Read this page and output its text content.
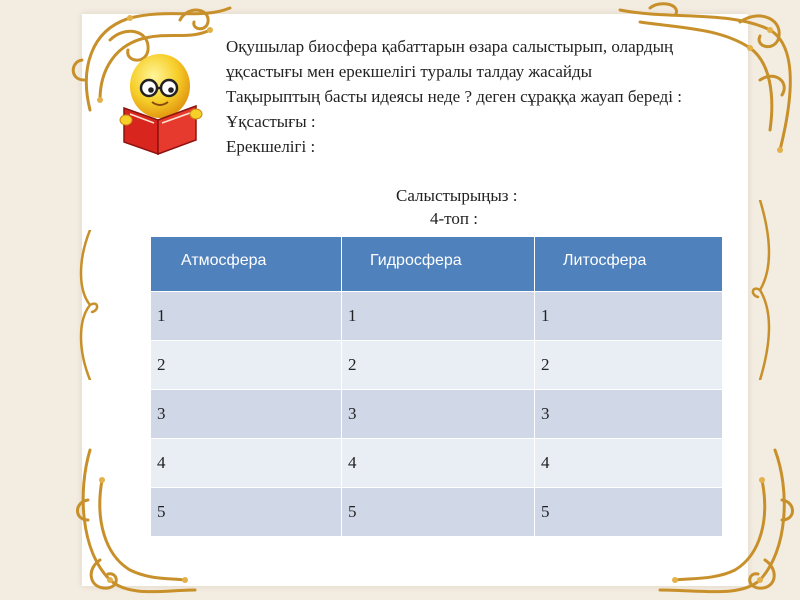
Оқушылар биосфера қабаттарын өзара салыстырып, олардың
ұқсастығы мен ерекшелігі туралы талдау жасайды
Тақырыптың басты идеясы неде ? деген сұраққа жауап береді :
Ұқсастығы :
Ерекшелігі :
Салыстырыңыз :
4-топ :
Атмосфера	Гидросфера	Литосфера
1	1	1
2	2	2
3	3	3
4	4	4
5	5	5
